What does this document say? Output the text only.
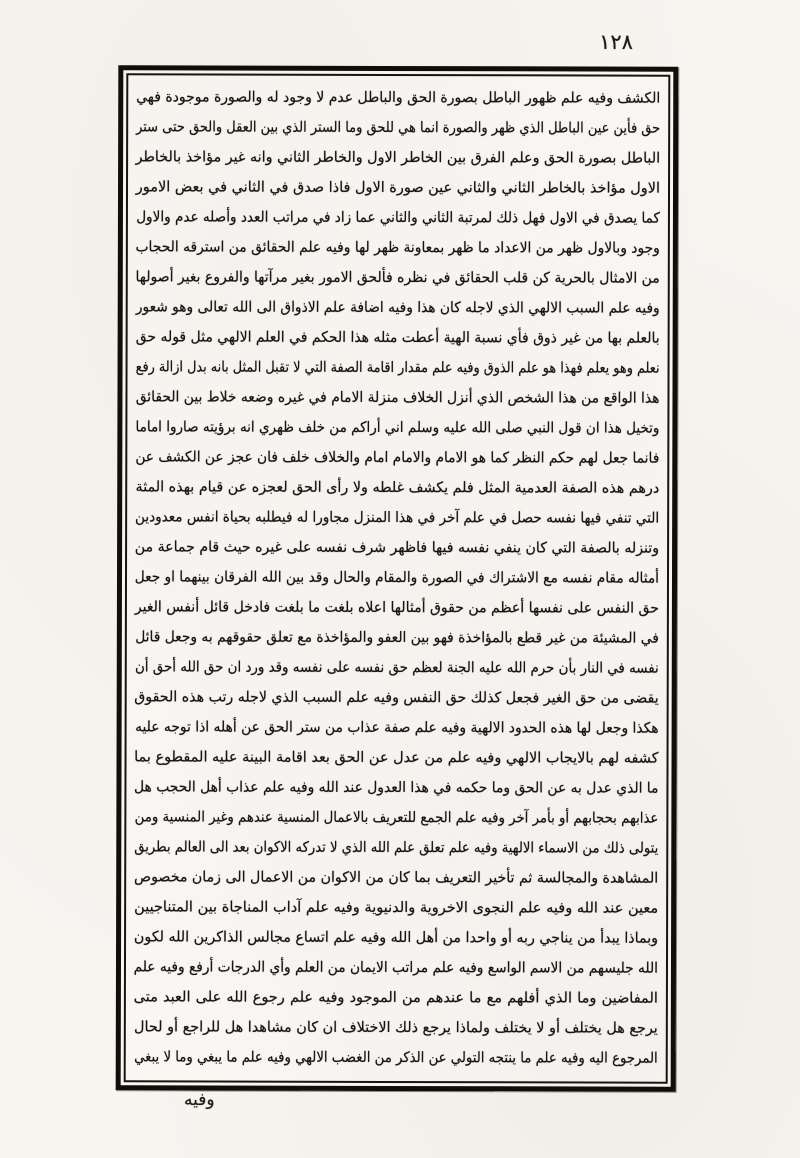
١٢٨
الكشف وفيه علم ظهور الباطل بصورة الحق والباطل عدم لا وجود له والصورة موجودة فهي
حق فأين عين الباطل الذي ظهر والصورة انما هي للحق وما الستر الذي بين العقل والحق حتى ستر
الباطل بصورة الحق وعلم الفرق بين الخاطر الاول والخاطر الثاني وانه غير مؤاخذ بالخاطر
الاول مؤاخذ بالخاطر الثاني والثاني عين صورة الاول فاذا صدق في الثاني في بعض الامور
كما يصدق في الاول فهل ذلك لمرتبة الثاني والثاني عما زاد في مراتب العدد وأصله عدم والاول
وجود وبالاول ظهر من الاعداد ما ظهر بمعاونة ظهر لها وفيه علم الحقائق من استرقه الحجاب
من الامثال بالحرية كن قلب الحقائق في نظره فألحق الامور بغير مرآتها والفروع بغير أصولها
وفيه علم السبب الالهي الذي لاجله كان هذا وفيه اضافة علم الاذواق الى الله تعالى وهو شعور
بالعلم بها من غير ذوق فأي نسبة الهية أعطت مثله هذا الحكم في العلم الالهي مثل قوله حق
نعلم وهو يعلم فهذا هو علم الذوق وفيه علم مقدار اقامة الصفة التي لا تقبل المثل بانه بدل ازالة رفع
هذا الواقع من هذا الشخص الذي أنزل الخلاف منزلة الامام في غيره وضعه خلاط بين الحقائق
وتخيل هذا ان قول النبي صلى الله عليه وسلم اني أراكم من خلف ظهري انه برؤيته صاروا اماما
فانما جعل لهم حكم النظر كما هو الامام والامام امام والخلاف خلف فان عجز عن الكشف عن
درهم هذه الصفة العدمية المثل فلم يكشف غلطه ولا رأى الحق لعجزه عن قيام بهذه المثة
التي تنفي فيها نفسه حصل في علم آخر في هذا المنزل مجاورا له فيطلبه بحياة انفس معدودين
وتنزله بالصفة التي كان ينفي نفسه فيها فاظهر شرف نفسه على غيره حيث قام جماعة من
أمثاله مقام نفسه مع الاشتراك في الصورة والمقام والحال وقد بين الله الفرقان بينهما او جعل
حق النفس على نفسها أعظم من حقوق أمثالها اعلاه بلغت ما بلغت فادخل قائل أنفس الغير
في المشيئة من غير قطع بالمؤاخذة فهو بين العفو والمؤاخذة مع تعلق حقوقهم به وجعل قائل
نفسه في النار بأن حرم الله عليه الجنة لعظم حق نفسه على نفسه وقد ورد ان حق الله أحق أن
يقضى من حق الغير فجعل كذلك حق النفس وفيه علم السبب الذي لاجله رتب هذه الحقوق
هكذا وجعل لها هذه الحدود الالهية وفيه علم صفة عذاب من ستر الحق عن أهله اذا توجه عليه
كشفه لهم بالايجاب الالهي وفيه علم من عدل عن الحق بعد اقامة البينة عليه المقطوع بما
ما الذي عدل به عن الحق وما حكمه في هذا العدول عند الله وفيه علم عذاب أهل الحجب هل
عذابهم بحجابهم أو بأمر آخر وفيه علم الجمع للتعريف بالاعمال المنسية عندهم وغير المنسية ومن
يتولى ذلك من الاسماء الالهية وفيه علم تعلق علم الله الذي لا تدركه الاكوان بعد الى العالم بطريق
المشاهدة والمجالسة ثم تأخير التعريف بما كان من الاكوان من الاعمال الى زمان مخصوص
معين عند الله وفيه علم النجوى الاخروية والدنيوية وفيه علم آداب المناجاة بين المتناجيين
وبماذا يبدأ من يناجي ربه أو واحدا من أهل الله وفيه علم اتساع مجالس الذاكرين الله لكون
الله جليسهم من الاسم الواسع وفيه علم مراتب الايمان من العلم وأي الدرجات أرفع وفيه علم
المفاضين وما الذي أفلهم مع ما عندهم من الموجود وفيه علم رجوع الله على العبد متى
يرجع هل يختلف أو لا يختلف ولماذا يرجع ذلك الاختلاف ان كان مشاهدا هل للراجع أو لحال
المرجوع اليه وفيه علم ما ينتجه التولي عن الذكر من الغضب الالهي وفيه علم ما يبغي وما لا يبغي
وفيه
